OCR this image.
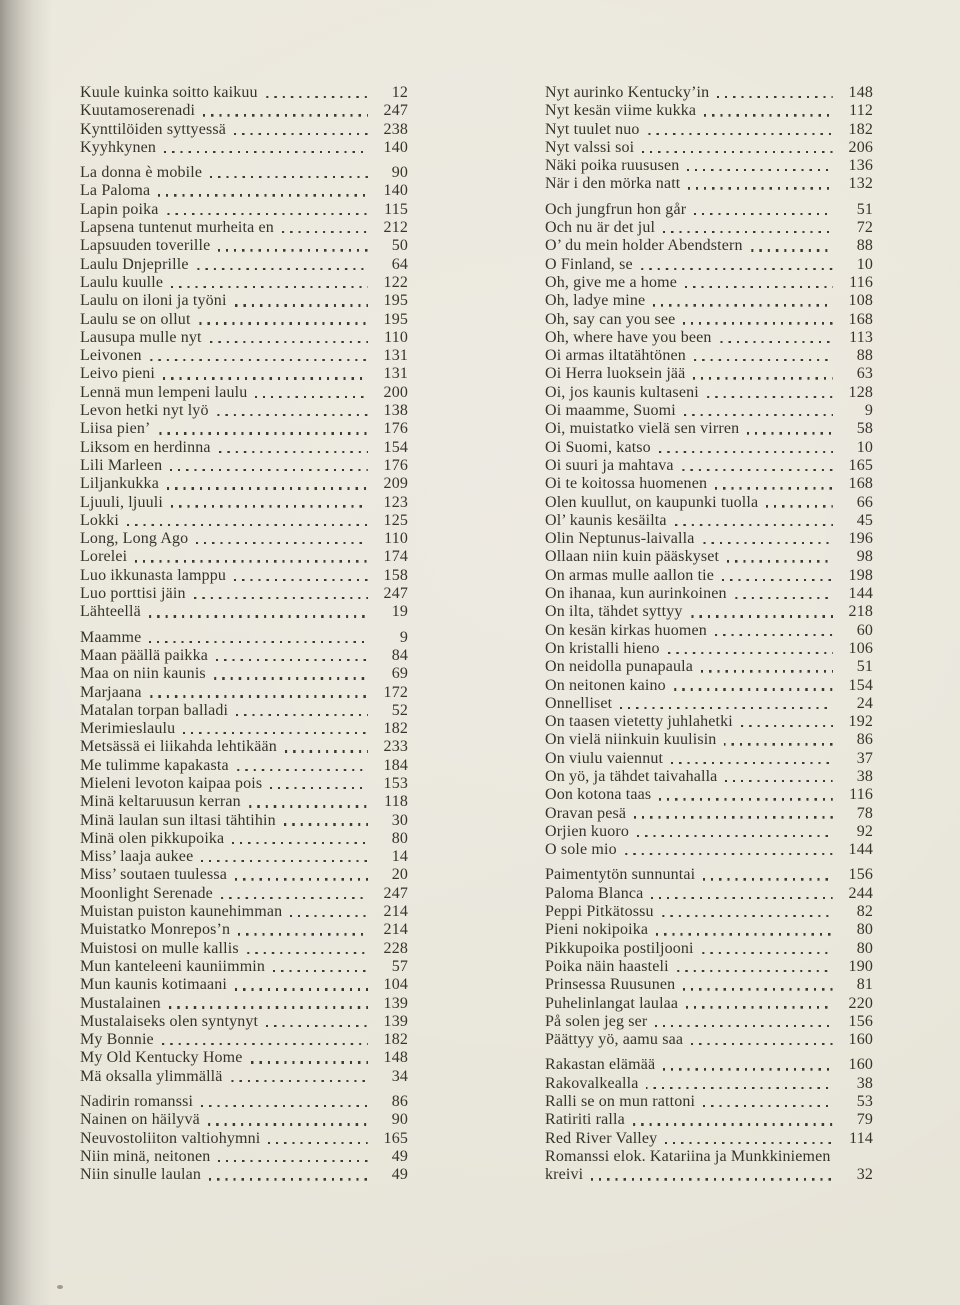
Kuule kuinka soitto kaikuu	12
Kuutamoserenadi	247
Kynttilöiden syttyessä	238
Kyyhkynen	140
La donna è mobile	90
La Paloma	140
Lapin poika	115
Lapsena tuntenut murheita en	212
Lapsuuden toverille	50
Laulu Dnjeprille	64
Laulu kuulle	122
Laulu on iloni ja työni	195
Laulu se on ollut	195
Lausupa mulle nyt	110
Leivonen	131
Leivo pieni	131
Lennä mun lempeni laulu	200
Levon hetki nyt lyö	138
Liisa pien’	176
Liksom en herdinna	154
Lili Marleen	176
Liljankukka	209
Ljuuli, ljuuli	123
Lokki	125
Long, Long Ago	110
Lorelei	174
Luo ikkunasta lamppu	158
Luo porttisi jäin	247
Lähteellä	19
Maamme	9
Maan päällä paikka	84
Maa on niin kaunis	69
Marjaana	172
Matalan torpan balladi	52
Merimieslaulu	182
Metsässä ei liikahda lehtikään	233
Me tulimme kapakasta	184
Mieleni levoton kaipaa pois	153
Minä keltaruusun kerran	118
Minä laulan sun iltasi tähtihin	30
Minä olen pikkupoika	80
Miss’ laaja aukee	14
Miss’ soutaen tuulessa	20
Moonlight Serenade	247
Muistan puiston kaunehimman	214
Muistatko Monrepos’n	214
Muistosi on mulle kallis	228
Mun kanteleeni kauniimmin	57
Mun kaunis kotimaani	104
Mustalainen	139
Mustalaiseks olen syntynyt	139
My Bonnie	182
My Old Kentucky Home	148
Mä oksalla ylimmällä	34
Nadirin romanssi	86
Nainen on häilyvä	90
Neuvostoliiton valtiohymni	165
Niin minä, neitonen	49
Niin sinulle laulan	49
Nyt aurinko Kentucky’in	148
Nyt kesän viime kukka	112
Nyt tuulet nuo	182
Nyt valssi soi	206
Näki poika ruususen	136
När i den mörka natt	132
Och jungfrun hon går	51
Och nu är det jul	72
O’ du mein holder Abendstern	88
O Finland, se	10
Oh, give me a home	116
Oh, ladye mine	108
Oh, say can you see	168
Oh, where have you been	113
Oi armas iltatähtönen	88
Oi Herra luoksein jää	63
Oi, jos kaunis kultaseni	128
Oi maamme, Suomi	9
Oi, muistatko vielä sen virren	58
Oi Suomi, katso	10
Oi suuri ja mahtava	165
Oi te koitossa huomenen	168
Olen kuullut, on kaupunki tuolla	66
Ol’ kaunis kesäilta	45
Olin Neptunus-laivalla	196
Ollaan niin kuin pääskyset	98
On armas mulle aallon tie	198
On ihanaa, kun aurinkoinen	144
On ilta, tähdet syttyy	218
On kesän kirkas huomen	60
On kristalli hieno	106
On neidolla punapaula	51
On neitonen kaino	154
Onnelliset	24
On taasen vietetty juhlahetki	192
On vielä niinkuin kuulisin	86
On viulu vaiennut	37
On yö, ja tähdet taivahalla	38
Oon kotona taas	116
Oravan pesä	78
Orjien kuoro	92
O sole mio	144
Paimentytön sunnuntai	156
Paloma Blanca	244
Peppi Pitkätossu	82
Pieni nokipoika	80
Pikkupoika postiljooni	80
Poika näin haasteli	190
Prinsessa Ruusunen	81
Puhelinlangat laulaa	220
På solen jeg ser	156
Päättyy yö, aamu saa	160
Rakastan elämää	160
Rakovalkealla	38
Ralli se on mun rattoni	53
Ratiriti ralla	79
Red River Valley	114
Romanssi elok. Katariina ja Munkkiniemen
kreivi	32
